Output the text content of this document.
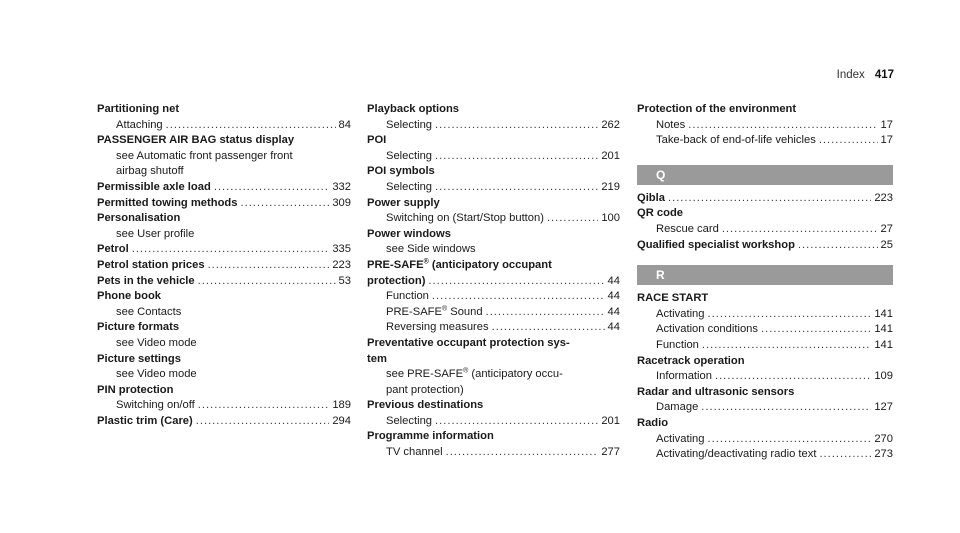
Index 417
Partitioning net
Attaching .....	84
PASSENGER AIR BAG status display
see Automatic front passenger front
airbag shutoff
Permissible axle load .....	332
Permitted towing methods .....	309
Personalisation
see User profile
Petrol .....	335
Petrol station prices .....	223
Pets in the vehicle .....	53
Phone book
see Contacts
Picture formats
see Video mode
Picture settings
see Video mode
PIN protection
Switching on/off .....	189
Plastic trim (Care) .....	294
Playback options
Selecting .....	262
POI
Selecting .....	201
POI symbols
Selecting .....	219
Power supply
Switching on (Start/Stop button) .....	100
Power windows
see Side windows
PRE-SAFE® (anticipatory occupant
protection) .....	44
Function .....	44
PRE-SAFE® Sound .....	44
Reversing measures .....	44
Preventative occupant protection sys-
tem
see PRE-SAFE® (anticipatory occu-
pant protection)
Previous destinations
Selecting .....	201
Programme information
TV channel .....	277
Protection of the environment
Notes .....	17
Take-back of end-of-life vehicles .....	17
Q
Qibla .....	223
QR code
Rescue card .....	27
Qualified specialist workshop .....	25
R
RACE START
Activating .....	141
Activation conditions .....	141
Function .....	141
Racetrack operation
Information .....	109
Radar and ultrasonic sensors
Damage .....	127
Radio
Activating .....	270
Activating/deactivating radio text .....	273
